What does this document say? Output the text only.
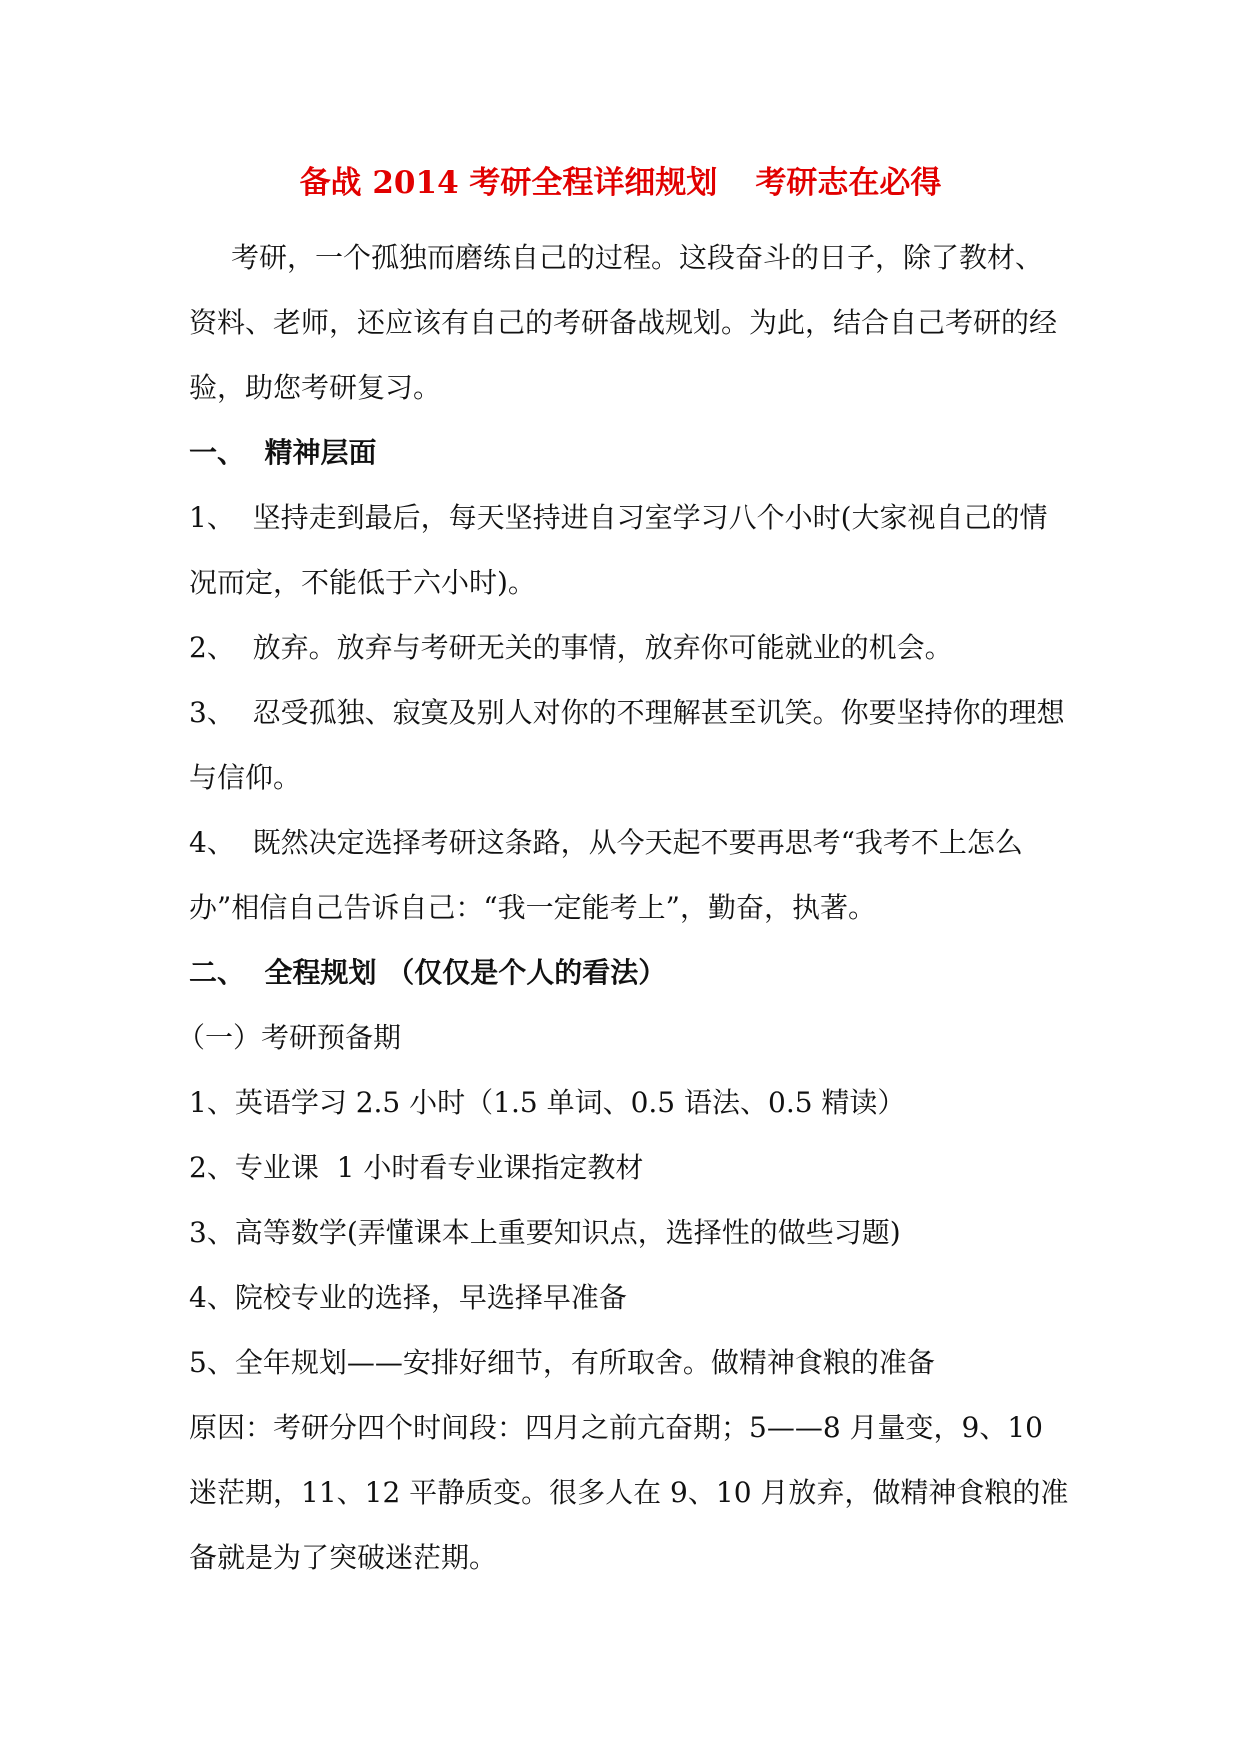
备战 2014 考研全程详细规划 考研志在必得

考研，一个孤独而磨练自己的过程。这段奋斗的日子，除了教材、资料、老师，还应该有自己的考研备战规划。为此，结合自己考研的经验，助您考研复习。

一、  精神层面

1、  坚持走到最后，每天坚持进自习室学习八个小时(大家视自己的情况而定，不能低于六小时)。

2、  放弃。放弃与考研无关的事情，放弃你可能就业的机会。

3、  忍受孤独、寂寞及别人对你的不理解甚至讥笑。你要坚持你的理想与信仰。

4、  既然决定选择考研这条路，从今天起不要再思考“我考不上怎么办”相信自己告诉自己：“我一定能考上”，勤奋，执著。

二、  全程规划 （仅仅是个人的看法）

（一）考研预备期

1、英语学习 2.5 小时（1.5 单词、0.5 语法、0.5 精读）

2、专业课  1 小时看专业课指定教材

3、高等数学(弄懂课本上重要知识点，选择性的做些习题)

4、院校专业的选择，早选择早准备

5、全年规划——安排好细节，有所取舍。做精神食粮的准备

原因：考研分四个时间段：四月之前亢奋期；5——8 月量变，9、10 迷茫期，11、12 平静质变。很多人在 9、10 月放弃，做精神食粮的准备就是为了突破迷茫期。
